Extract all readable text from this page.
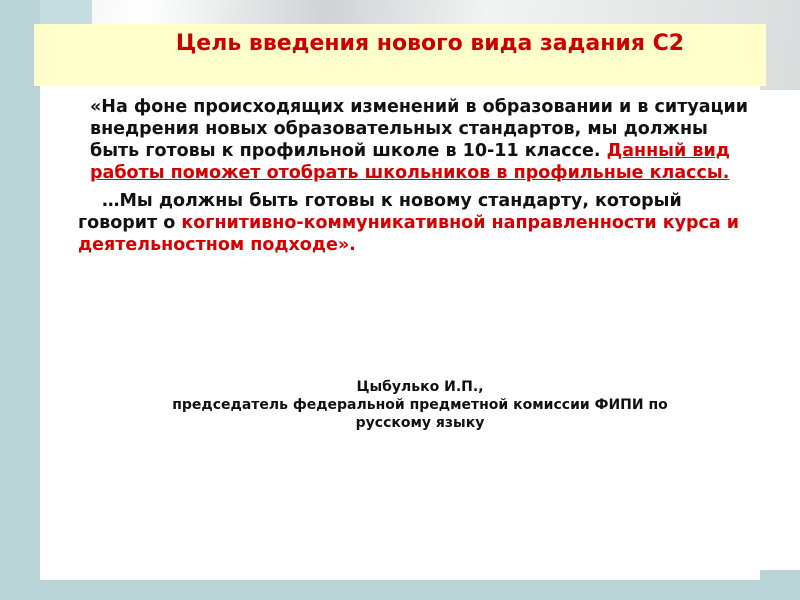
Цель введения нового вида задания С2

«На фоне происходящих изменений в образовании и в ситуации внедрения новых образовательных стандартов, мы должны быть готовы к профильной школе в 10-11 классе. Данный вид работы поможет отобрать школьников в профильные классы.

…Мы должны быть готовы к новому стандарту, который говорит о когнитивно-коммуникативной направленности курса и деятельностном подходе».

Цыбулько И.П.,
председатель федеральной предметной комиссии ФИПИ по
русскому языку
